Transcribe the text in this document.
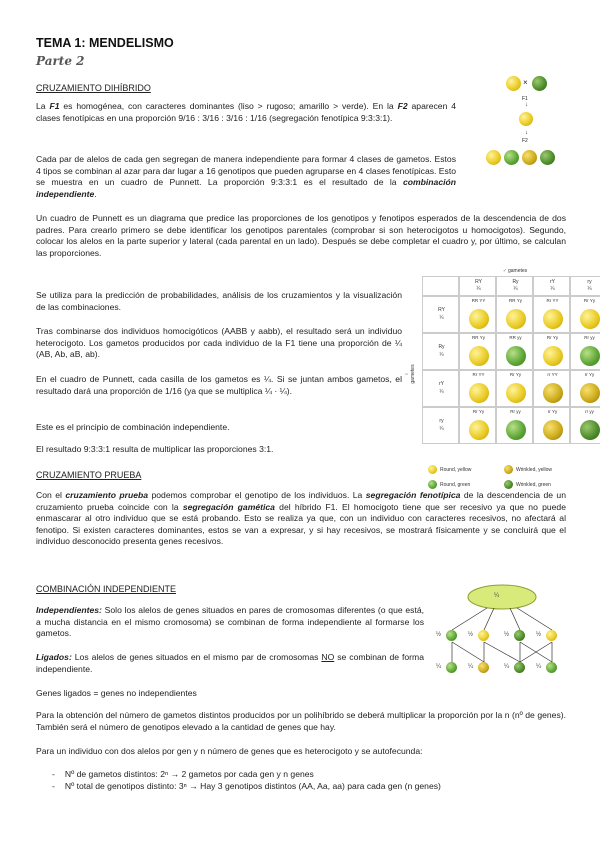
TEMA 1: MENDELISMO
Parte 2
CRUZAMIENTO DIHÍBRIDO

La F1 es homogénea, con caracteres dominantes (liso > rugoso; amarillo > verde). En la F2 aparecen 4 clases fenotípicas en una proporción 9/16 : 3/16 : 3/16 : 1/16 (segregación fenotípica 9:3:3:1).

Cada par de alelos de cada gen segregan de manera independiente para formar 4 clases de gametos. Estos 4 tipos se combinan al azar para dar lugar a 16 genotipos que pueden agruparse en 4 clases fenotípicas. Esto se muestra en un cuadro de Punnett. La proporción 9:3:3:1 es el resultado de la combinación independiente.

Un cuadro de Punnett es un diagrama que predice las proporciones de los genotipos y fenotipos esperados de la descendencia de dos padres. Para crearlo primero se debe identificar los genotipos parentales (comprobar si son heterocigotos u homocigotos). Segundo, colocar los alelos en la parte superior y lateral (cada parental en un lado). Después se debe completar el cuadro y, por último, se calculan las proporciones.

Se utiliza para la predicción de probabilidades, análisis de los cruzamientos y la visualización de las combinaciones.

Tras combinarse dos individuos homocigóticos (AABB y aabb), el resultado será un individuo heterocigoto. Los gametos producidos por cada individuo de la F1 tiene una proporción de ¼ (AB, Ab, aB, ab).

En el cuadro de Punnett, cada casilla de los gametos es ¼. Si se juntan ambos gametos, el resultado dará una proporción de 1/16 (ya que se multiplica ¼ · ¼).

Este es el principio de combinación independiente.

El resultado 9:3:3:1 resulta de multiplicar las proporciones 3:1.

CRUZAMIENTO PRUEBA

Con el cruzamiento prueba podemos comprobar el genotipo de los individuos. La segregación fenotípica de la descendencia de un cruzamiento prueba coincide con la segregación gamética del híbrido F1. El homocigoto tiene que ser recesivo ya que no puede enmascarar al otro individuo que se está probando. Esto se realiza ya que, con un individuo con caracteres recesivos, no afectará al fenotipo. Si existen caracteres dominantes, estos se van a expresar, y si hay recesivos, se mostrará físicamente y se concluirá que el individuo desconocido presenta genes recesivos.

COMBINACIÓN INDEPENDIENTE

Independientes: Solo los alelos de genes situados en pares de cromosomas diferentes (o que está, a mucha distancia en el mismo cromosoma) se combinan de forma independiente al formarse los gametos.

Ligados: Los alelos de genes situados en el mismo par de cromosomas NO se combinan de forma independiente.

Genes ligados = genes no independientes

Para la obtención del número de gametos distintos producidos por un polihíbrido se deberá multiplicar la proporción por la n (nº de genes). También será el número de genotipos elevado a la cantidad de genes que hay.

Para un individuo con dos alelos por gen y n número de genes que es heterocigoto y se autofecunda:

- Nº de gametos distintos: 2ⁿ → 2 gametos por cada gen y n genes
- Nº total de genotipos distinto: 3ⁿ → Hay 3 genotipos distintos (AA, Aa, aa) para cada gen (n genes)
×
F1
↓
↓
F2
♂ gametes
♀ gametes
RY
¼
Ry
¼
rY
¼
ry
¼
RY
¼
RR YY	RR Yy	Rr YY	Rr Yy
Ry
¼
RR Yy	RR yy	Rr Yy	Rr yy
rY
¼
Rr YY	Rr Yy	rr YY	rr Yy
ry
¼
Rr Yy	Rr yy	rr Yy	rr yy
Round, yellow	Wrinkled, yellow
Round, green	Wrinkled, green
¼
½	½	½	½
¼	¼	¼	¼
